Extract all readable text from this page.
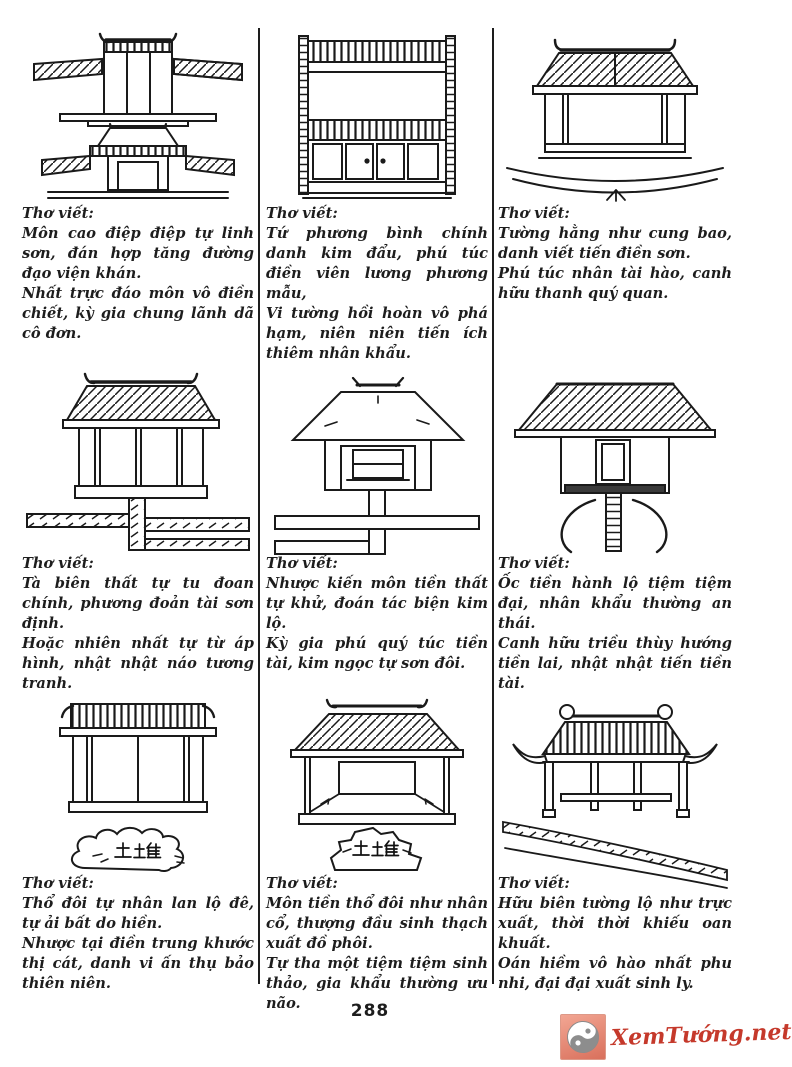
Thơ viết:

Môn cao điệp điệp tự linh sơn, đán hợp tăng đường đạo viện khán.

Nhất trực đáo môn vô điền chiết, kỳ gia chung lãnh dã cô đơn.

Thơ viết:

Tứ phương bình chính danh kim đẩu, phú túc điền viên lương phương mẫu,

Vi tường hồi hoàn vô phá hạm, niên niên tiến ích thiêm nhân khẩu.

Thơ viết:

Tường hằng như cung bao, danh viết tiến điền sơn.

Phú túc nhân tài hào, canh hữu thanh quý quan.

Thơ viết:

Tà biên thất tự tu đoan chính, phương đoản tài sơn định.

Hoặc nhiên nhất tự từ áp hình, nhật nhật náo tương tranh.

Thơ viết:

Nhược kiến môn tiền thất tự khử, đoán tác biện kim lộ.

Kỳ gia phú quý túc tiền tài, kim ngọc tự sơn đôi.

Thơ viết:

Ốc tiền hành lộ tiệm tiệm đại, nhân khẩu thường an thái.

Canh hữu triều thùy hướng tiền lai, nhật nhật tiến tiền tài.

Thơ viết:

Thổ đôi tự nhân lan lộ đê, tự ải bất do hiền.

Nhược tại điền trung khước thị cát, danh vi ấn thụ bảo thiên niên.

Thơ viết:

Môn tiền thổ đôi như nhân cổ, thượng đầu sinh thạch xuất đồ phôi.

Tự tha một tiệm tiệm sinh thảo, gia khẩu thường ưu não.

Thơ viết:

Hữu biên tường lộ như trực xuất, thời thời khiếu oan khuất.

Oán hiềm vô hào nhất phu nhi, đại đại xuất sinh ly.

288
XemTướng.net
